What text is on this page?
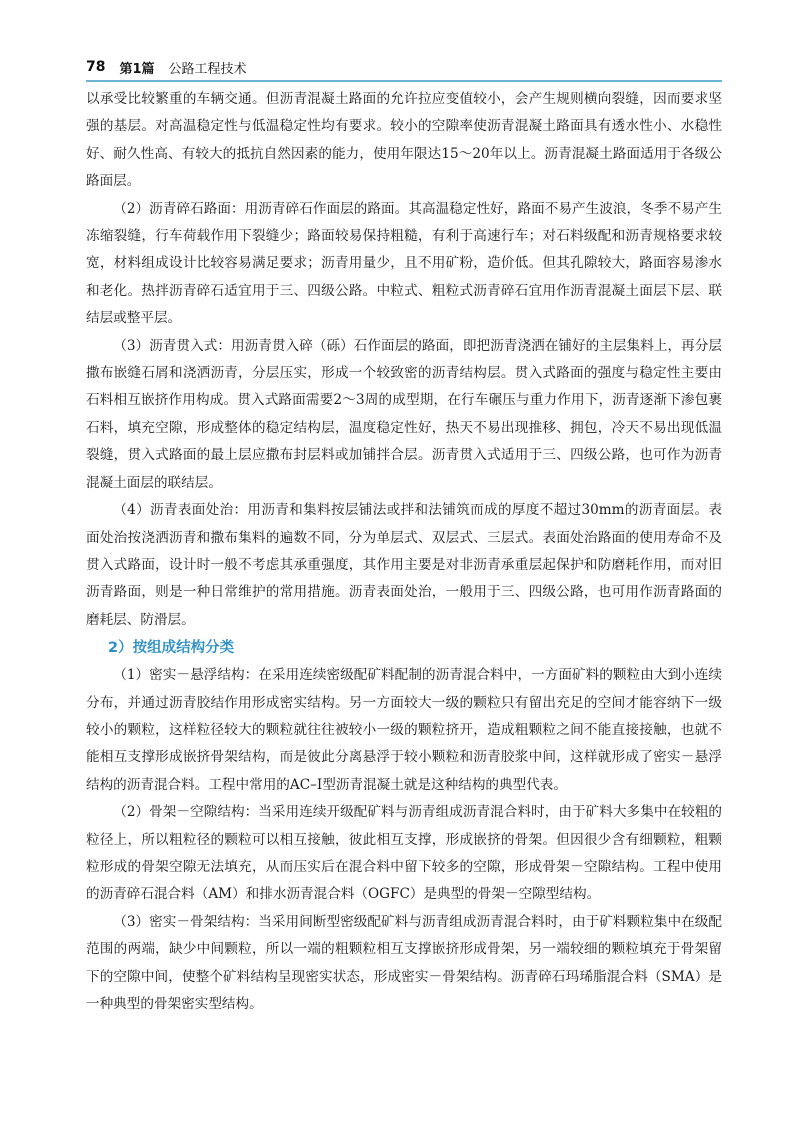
78 第1篇 公路工程技术

以承受比较繁重的车辆交通。但沥青混凝土路面的允许拉应变值较小，会产生规则横向裂缝，因而要求坚强的基层。对高温稳定性与低温稳定性均有要求。较小的空隙率使沥青混凝土路面具有透水性小、水稳性好、耐久性高、有较大的抵抗自然因素的能力，使用年限达15～20年以上。沥青混凝土路面适用于各级公路面层。

（2）沥青碎石路面：用沥青碎石作面层的路面。其高温稳定性好，路面不易产生波浪，冬季不易产生冻缩裂缝，行车荷载作用下裂缝少；路面较易保持粗糙，有利于高速行车；对石料级配和沥青规格要求较宽，材料组成设计比较容易满足要求；沥青用量少，且不用矿粉，造价低。但其孔隙较大，路面容易渗水和老化。热拌沥青碎石适宜用于三、四级公路。中粒式、粗粒式沥青碎石宜用作沥青混凝土面层下层、联结层或整平层。

（3）沥青贯入式：用沥青贯入碎（砾）石作面层的路面，即把沥青浇洒在铺好的主层集料上，再分层撒布嵌缝石屑和浇洒沥青，分层压实，形成一个较致密的沥青结构层。贯入式路面的强度与稳定性主要由石料相互嵌挤作用构成。贯入式路面需要2～3周的成型期，在行车碾压与重力作用下，沥青逐渐下渗包裹石料，填充空隙，形成整体的稳定结构层，温度稳定性好，热天不易出现推移、拥包，冷天不易出现低温裂缝，贯入式路面的最上层应撒布封层料或加铺拌合层。沥青贯入式适用于三、四级公路，也可作为沥青混凝土面层的联结层。

（4）沥青表面处治：用沥青和集料按层铺法或拌和法铺筑而成的厚度不超过30mm的沥青面层。表面处治按浇洒沥青和撒布集料的遍数不同，分为单层式、双层式、三层式。表面处治路面的使用寿命不及贯入式路面，设计时一般不考虑其承重强度，其作用主要是对非沥青承重层起保护和防磨耗作用，而对旧沥青路面，则是一种日常维护的常用措施。沥青表面处治，一般用于三、四级公路，也可用作沥青路面的磨耗层、防滑层。

2）按组成结构分类

（1）密实－悬浮结构：在采用连续密级配矿料配制的沥青混合料中，一方面矿料的颗粒由大到小连续分布，并通过沥青胶结作用形成密实结构。另一方面较大一级的颗粒只有留出充足的空间才能容纳下一级较小的颗粒，这样粒径较大的颗粒就往往被较小一级的颗粒挤开，造成粗颗粒之间不能直接接触，也就不能相互支撑形成嵌挤骨架结构，而是彼此分离悬浮于较小颗粒和沥青胶浆中间，这样就形成了密实－悬浮结构的沥青混合料。工程中常用的AC–I型沥青混凝土就是这种结构的典型代表。

（2）骨架－空隙结构：当采用连续开级配矿料与沥青组成沥青混合料时，由于矿料大多集中在较粗的粒径上，所以粗粒径的颗粒可以相互接触，彼此相互支撑，形成嵌挤的骨架。但因很少含有细颗粒，粗颗粒形成的骨架空隙无法填充，从而压实后在混合料中留下较多的空隙，形成骨架－空隙结构。工程中使用的沥青碎石混合料（AM）和排水沥青混合料（OGFC）是典型的骨架－空隙型结构。

（3）密实－骨架结构：当采用间断型密级配矿料与沥青组成沥青混合料时，由于矿料颗粒集中在级配范围的两端，缺少中间颗粒，所以一端的粗颗粒相互支撑嵌挤形成骨架，另一端较细的颗粒填充于骨架留下的空隙中间，使整个矿料结构呈现密实状态，形成密实－骨架结构。沥青碎石玛琋脂混合料（SMA）是一种典型的骨架密实型结构。
